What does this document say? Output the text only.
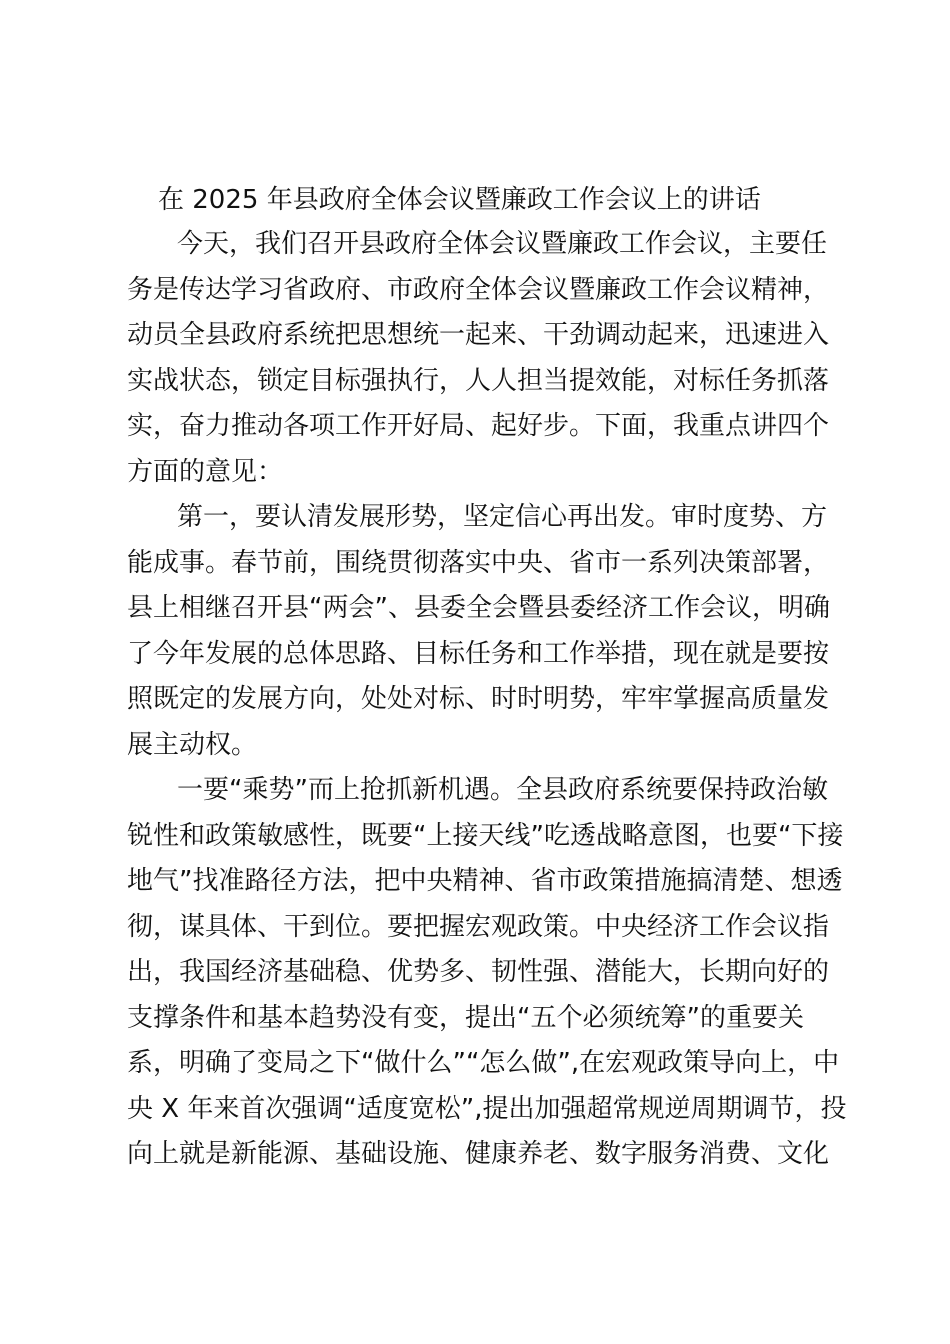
在 2025 年县政府全体会议暨廉政工作会议上的讲话
今天，我们召开县政府全体会议暨廉政工作会议，主要任
务是传达学习省政府、市政府全体会议暨廉政工作会议精神，
动员全县政府系统把思想统一起来、干劲调动起来，迅速进入
实战状态，锁定目标强执行，人人担当提效能，对标任务抓落
实，奋力推动各项工作开好局、起好步。下面，我重点讲四个
方面的意见：
第一，要认清发展形势，坚定信心再出发。审时度势、方
能成事。春节前，围绕贯彻落实中央、省市一系列决策部署，
县上相继召开县“两会”、县委全会暨县委经济工作会议，明确
了今年发展的总体思路、目标任务和工作举措，现在就是要按
照既定的发展方向，处处对标、时时明势，牢牢掌握高质量发
展主动权。
一要“乘势”而上抢抓新机遇。全县政府系统要保持政治敏
锐性和政策敏感性，既要“上接天线”吃透战略意图，也要“下接
地气”找准路径方法，把中央精神、省市政策措施搞清楚、想透
彻，谋具体、干到位。要把握宏观政策。中央经济工作会议指
出，我国经济基础稳、优势多、韧性强、潜能大，长期向好的
支撑条件和基本趋势没有变，提出“五个必须统筹”的重要关
系，明确了变局之下“做什么”“怎么做”,在宏观政策导向上，中
央 X 年来首次强调“适度宽松”,提出加强超常规逆周期调节，投
向上就是新能源、基础设施、健康养老、数字服务消费、文化
